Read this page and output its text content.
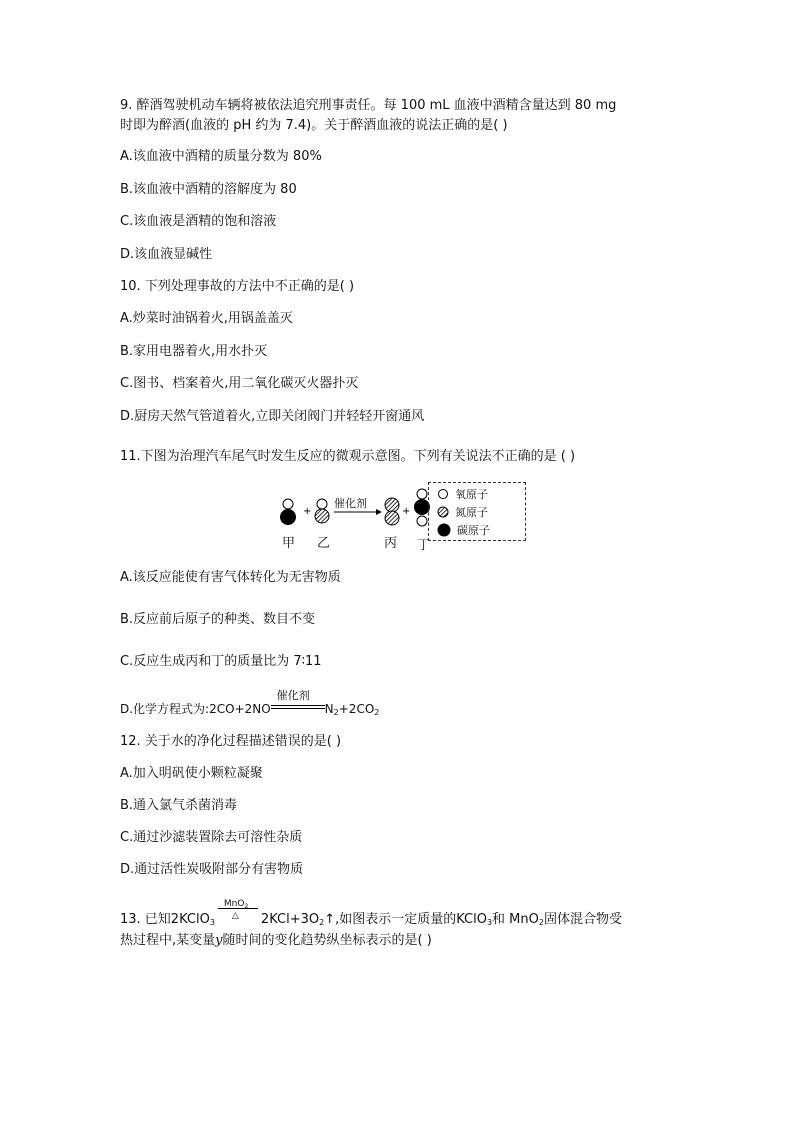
9. 醉酒驾驶机动车辆将被依法追究刑事责任。每 100 mL 血液中酒精含量达到 80 mg
时即为醉酒(血液的 pH 约为 7.4)。关于醉酒血液的说法正确的是( )
A.该血液中酒精的质量分数为 80%
B.该血液中酒精的溶解度为 80
C.该血液是酒精的饱和溶液
D.该血液显碱性
10. 下列处理事故的方法中不正确的是( )
A.炒菜时油锅着火,用锅盖盖灭
B.家用电器着火,用水扑灭
C.图书、档案着火,用二氧化碳灭火器扑灭
D.厨房天然气管道着火,立即关闭阀门并轻轻开窗通风
11.下图为治理汽车尾气时发生反应的微观示意图。下列有关说法不正确的是 ( )
+	+
催化剂
甲 乙	丙 丁
氧原子
氮原子
碳原子
A.该反应能使有害气体转化为无害物质
B.反应前后原子的种类、数目不变
C.反应生成丙和丁的质量比为 7∶11
D.化学方程式为:2CO+2NO
催化剂
$N_2+2CO_2$
12. 关于水的净化过程描述错误的是( )
A.加入明矾使小颗粒凝聚
B.通入氯气杀菌消毒
C.通过沙滤装置除去可溶性杂质
D.通过活性炭吸附部分有害物质
13. 已知2KClO$_3$
MnO$_2$
△ $2KCl+3O_2↑$,如图表示一定质量的KClO$_3$和 MnO$_2$固体混合物受
热过程中,某变量y随时间的变化趋势纵坐标表示的是( )
